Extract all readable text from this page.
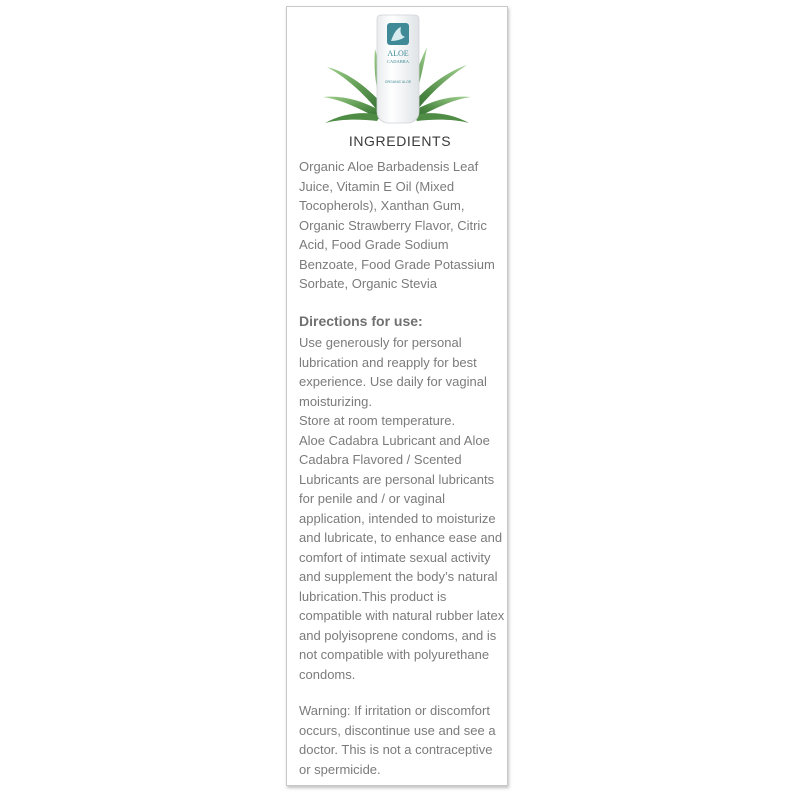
ALOE
CADABRA
ORGANIC ALOE
INGREDIENTS
Organic Aloe Barbadensis Leaf Juice, Vitamin E Oil (Mixed Tocopherols), Xanthan Gum, Organic Strawberry Flavor, Citric Acid, Food Grade Sodium Benzoate, Food Grade Potassium Sorbate, Organic Stevia
Directions for use:

Use generously for personal lubrication and reapply for best experience. Use daily for vaginal moisturizing.

Store at room temperature.

Aloe Cadabra Lubricant and Aloe Cadabra Flavored / Scented Lubricants are personal lubricants for penile and / or vaginal application, intended to moisturize and lubricate, to enhance ease and comfort of intimate sexual activity and supplement the body’s natural lubrication.This product is compatible with natural rubber latex and polyisoprene condoms, and is not compatible with polyurethane condoms.

Warning: If irritation or discomfort occurs, discontinue use and see a doctor. This is not a contraceptive or spermicide.
